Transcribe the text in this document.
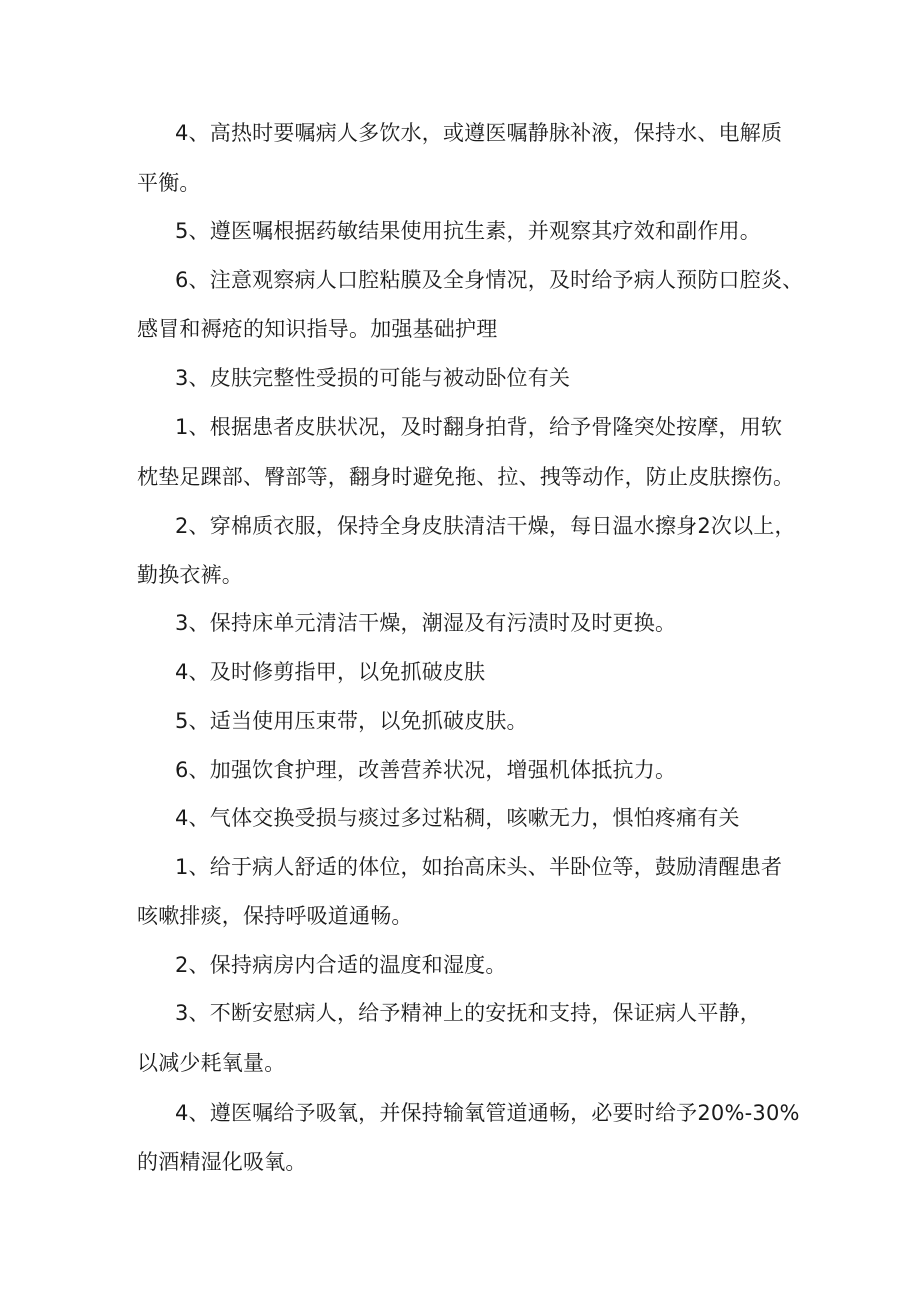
4、高热时要嘱病人多饮水，或遵医嘱静脉补液，保持水、电解质
平衡。
5、遵医嘱根据药敏结果使用抗生素，并观察其疗效和副作用。
6、注意观察病人口腔粘膜及全身情况，及时给予病人预防口腔炎、
感冒和褥疮的知识指导。加强基础护理
3、皮肤完整性受损的可能与被动卧位有关
1、根据患者皮肤状况，及时翻身拍背，给予骨隆突处按摩，用软
枕垫足踝部、臀部等，翻身时避免拖、拉、拽等动作，防止皮肤擦伤。
2、穿棉质衣服，保持全身皮肤清洁干燥，每日温水擦身2次以上，
勤换衣裤。
3、保持床单元清洁干燥，潮湿及有污渍时及时更换。
4、及时修剪指甲，以免抓破皮肤
5、适当使用压束带，以免抓破皮肤。
6、加强饮食护理，改善营养状况，增强机体抵抗力。
4、气体交换受损与痰过多过粘稠，咳嗽无力，惧怕疼痛有关
1、给于病人舒适的体位，如抬高床头、半卧位等，鼓励清醒患者
咳嗽排痰，保持呼吸道通畅。
2、保持病房内合适的温度和湿度。
3、不断安慰病人，给予精神上的安抚和支持，保证病人平静，
以减少耗氧量。
4、遵医嘱给予吸氧，并保持输氧管道通畅，必要时给予20%-30%
的酒精湿化吸氧。
